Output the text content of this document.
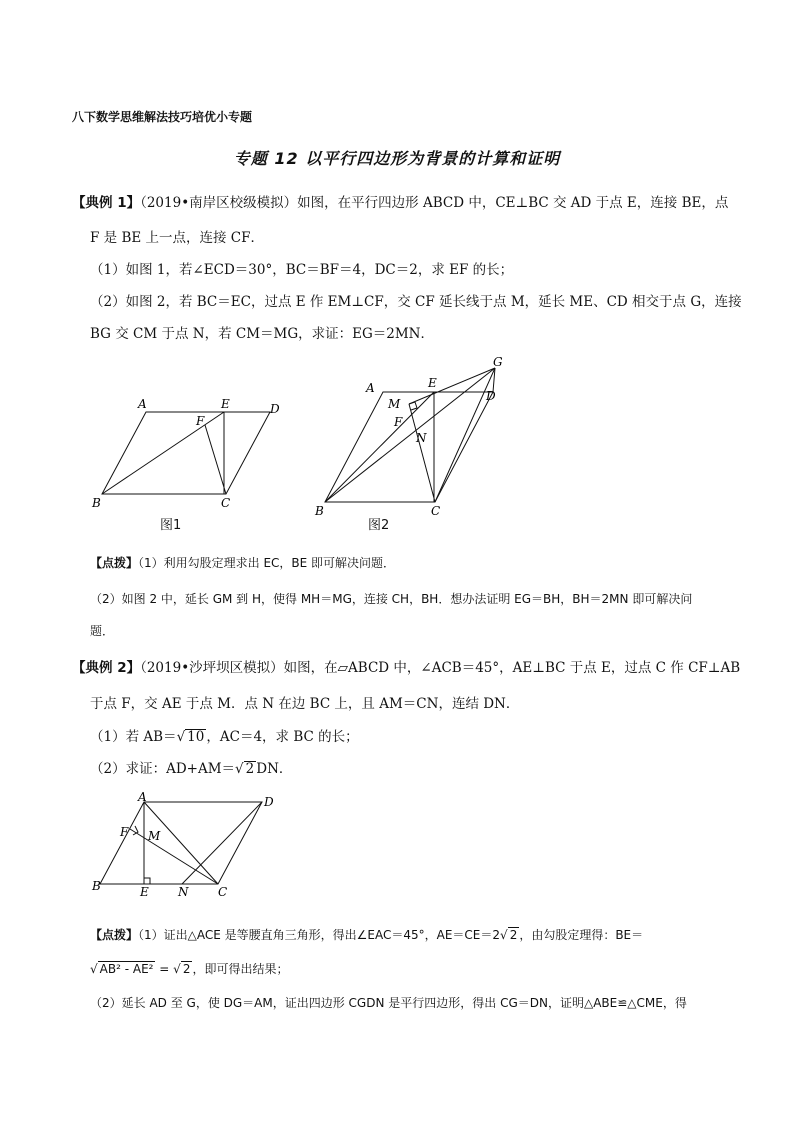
八下数学思维解法技巧培优小专题
专题 12 以平行四边形为背景的计算和证明
【典例 1】（2019•南岸区校级模拟）如图，在平行四边形 ABCD 中，CE⊥BC 交 AD 于点 E，连接 BE，点
F 是 BE 上一点，连接 CF．
（1）如图 1，若∠ECD＝30°，BC＝BF＝4，DC＝2，求 EF 的长；
（2）如图 2，若 BC＝EC，过点 E 作 EM⊥CF，交 CF 延长线于点 M，延长 ME、CD 相交于点 G，连接
BG 交 CM 于点 N，若 CM＝MG，求证：EG＝2MN．
A	E	D
F
B	C
图1
A	E
G
D
M
F
N
B	C
图2
【点拨】（1）利用勾股定理求出 EC，BE 即可解决问题．
（2）如图 2 中，延长 GM 到 H，使得 MH＝MG，连接 CH，BH．想办法证明 EG＝BH，BH＝2MN 即可解决问
题．
【典例 2】（2019•沙坪坝区模拟）如图，在▱ABCD 中，∠ACB＝45°，AE⊥BC 于点 E，过点 C 作 CF⊥AB
于点 F，交 AE 于点 M．点 N 在边 BC 上，且 AM＝CN，连结 DN．
（1）若 AB＝√ 10 ，AC＝4，求 BC 的长；
（2）求证：AD+AM＝√ 2 DN．
A	D
F M
B	E N C
【点拨】（1）证出△ACE 是等腰直角三角形，得出∠EAC＝45°，AE＝CE＝2√ 2 ，由勾股定理得：BE＝
√ AB² - AE² = √ 2 ，即可得出结果；
（2）延长 AD 至 G，使 DG＝AM，证出四边形 CGDN 是平行四边形，得出 CG＝DN，证明△ABE≌△CME，得
